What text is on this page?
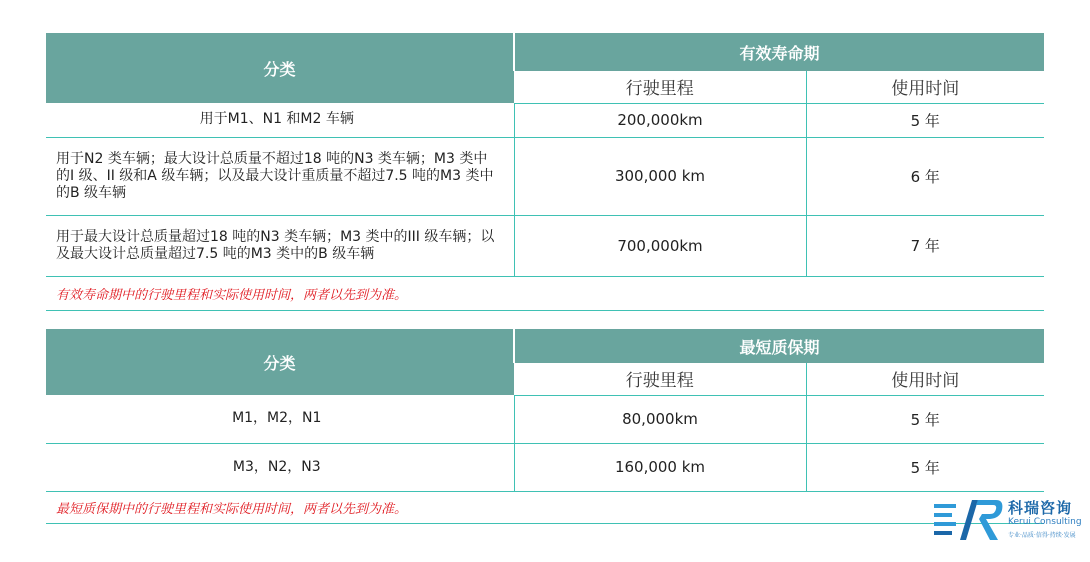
分类	有效寿命期	
	行驶里程	使用时间
用于M1、N1 和M2 车辆	200,000km	5 年
用于N2 类车辆；最大设计总质量不超过18 吨的N3 类车辆；M3 类中的I 级、II 级和A 级车辆；以及最大设计重质量不超过7.5 吨的M3 类中的B 级车辆	300,000 km	6 年
用于最大设计总质量超过18 吨的N3 类车辆；M3 类中的III 级车辆；以及最大设计总质量超过7.5 吨的M3 类中的B 级车辆	700,000km	7 年
有效寿命期中的行驶里程和实际使用时间，两者以先到为准。		
分类	最短质保期	
	行驶里程	使用时间
M1，M2，N1	80,000km	5 年
M3，N2，N3	160,000 km	5 年
最短质保期中的行驶里程和实际使用时间，两者以先到为准。			科瑞咨询
Kerui Consulting
专业·品质·信得·持续·发展
